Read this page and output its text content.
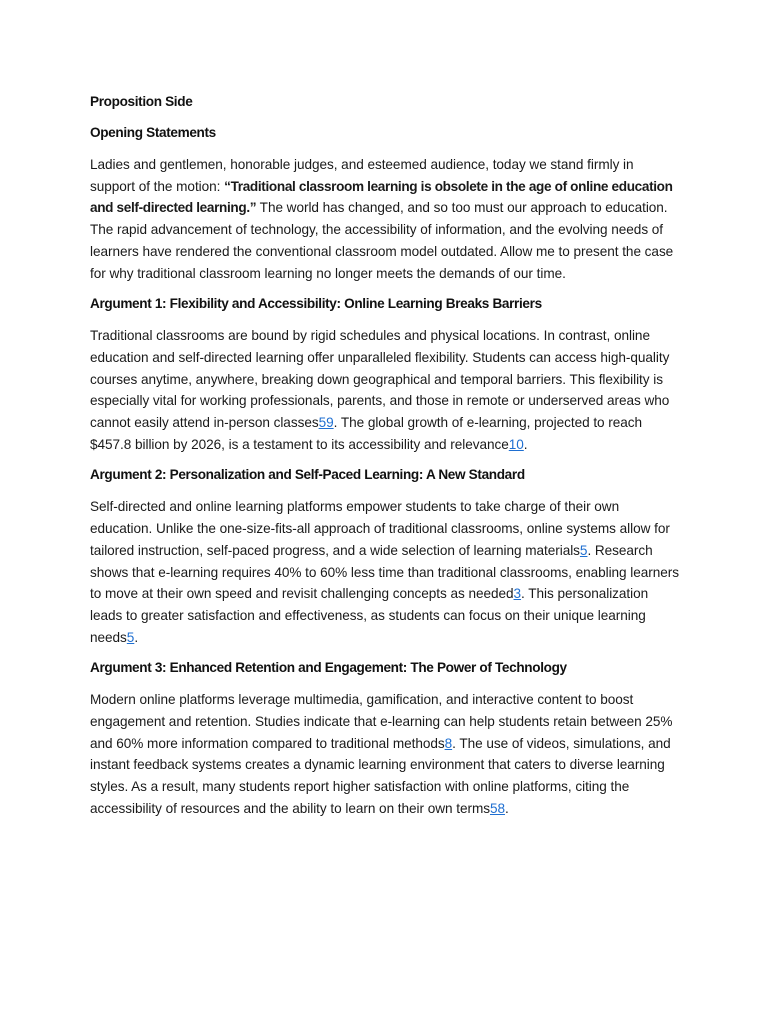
Proposition Side
Opening Statements

Ladies and gentlemen, honorable judges, and esteemed audience, today we stand firmly in support of the motion: “Traditional classroom learning is obsolete in the age of online education and self-directed learning.” The world has changed, and so too must our approach to education. The rapid advancement of technology, the accessibility of information, and the evolving needs of learners have rendered the conventional classroom model outdated. Allow me to present the case for why traditional classroom learning no longer meets the demands of our time.

Argument 1: Flexibility and Accessibility: Online Learning Breaks Barriers

Traditional classrooms are bound by rigid schedules and physical locations. In contrast, online education and self-directed learning offer unparalleled flexibility. Students can access high-quality courses anytime, anywhere, breaking down geographical and temporal barriers. This flexibility is especially vital for working professionals, parents, and those in remote or underserved areas who cannot easily attend in-person classes59. The global growth of e-learning, projected to reach $457.8 billion by 2026, is a testament to its accessibility and relevance10.

Argument 2: Personalization and Self-Paced Learning: A New Standard

Self-directed and online learning platforms empower students to take charge of their own education. Unlike the one-size-fits-all approach of traditional classrooms, online systems allow for tailored instruction, self-paced progress, and a wide selection of learning materials5. Research shows that e-learning requires 40% to 60% less time than traditional classrooms, enabling learners to move at their own speed and revisit challenging concepts as needed3. This personalization leads to greater satisfaction and effectiveness, as students can focus on their unique learning needs5.

Argument 3: Enhanced Retention and Engagement: The Power of Technology

Modern online platforms leverage multimedia, gamification, and interactive content to boost engagement and retention. Studies indicate that e-learning can help students retain between 25% and 60% more information compared to traditional methods8. The use of videos, simulations, and instant feedback systems creates a dynamic learning environment that caters to diverse learning styles. As a result, many students report higher satisfaction with online platforms, citing the accessibility of resources and the ability to learn on their own terms58.
